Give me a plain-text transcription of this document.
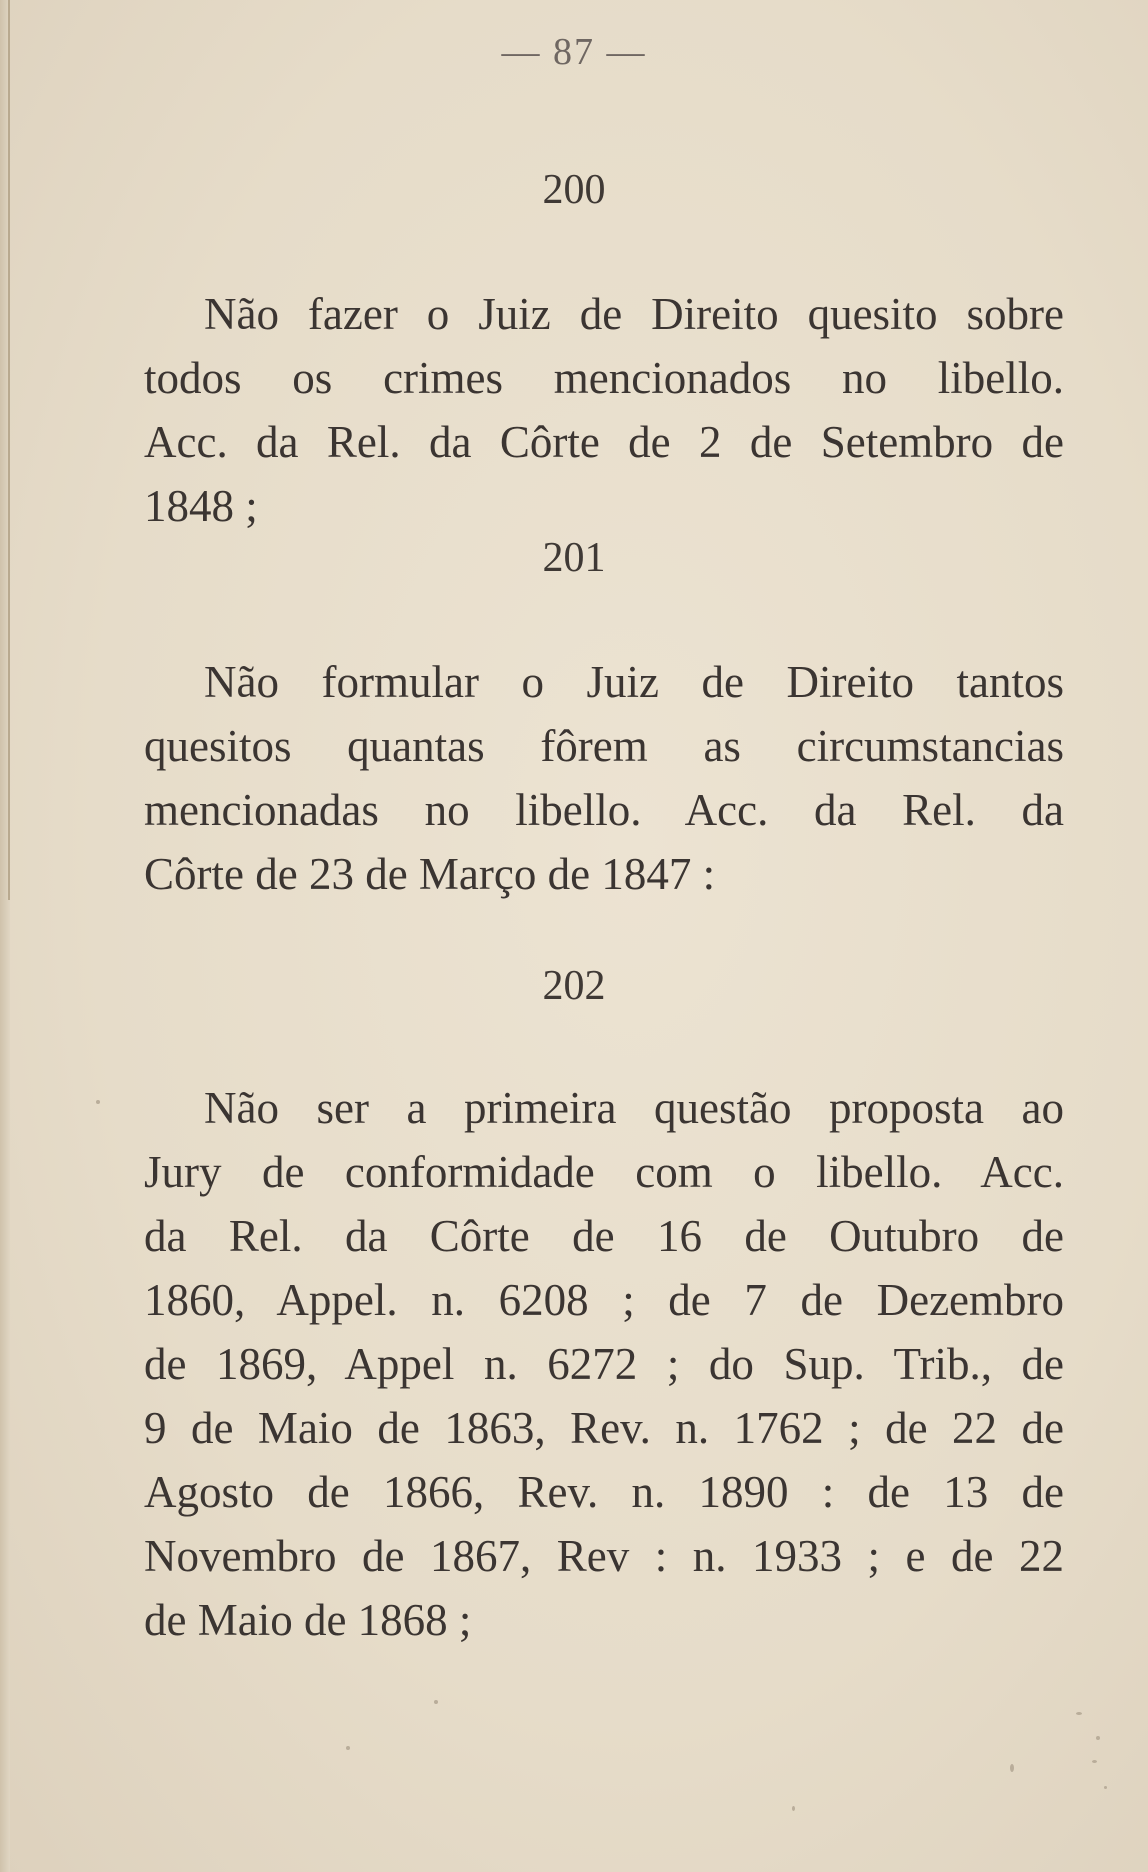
— 87 —
200

Não fazer o Juiz de Direito quesito sobre
todos os crimes mencionados no libello.
Acc. da Rel. da Côrte de 2 de Setembro de
1848 ;

201

Não formular o Juiz de Direito tantos
quesitos quantas fôrem as circumstancias
mencionadas no libello. Acc. da Rel. da
Côrte de 23 de Março de 1847 :

202

Não ser a primeira questão proposta ao
Jury de conformidade com o libello. Acc.
da Rel. da Côrte de 16 de Outubro de
1860, Appel. n. 6208 ; de 7 de Dezembro
de 1869, Appel n. 6272 ; do Sup. Trib., de
9 de Maio de 1863, Rev. n. 1762 ; de 22 de
Agosto de 1866, Rev. n. 1890 : de 13 de
Novembro de 1867, Rev : n. 1933 ; e de 22
de Maio de 1868 ;
